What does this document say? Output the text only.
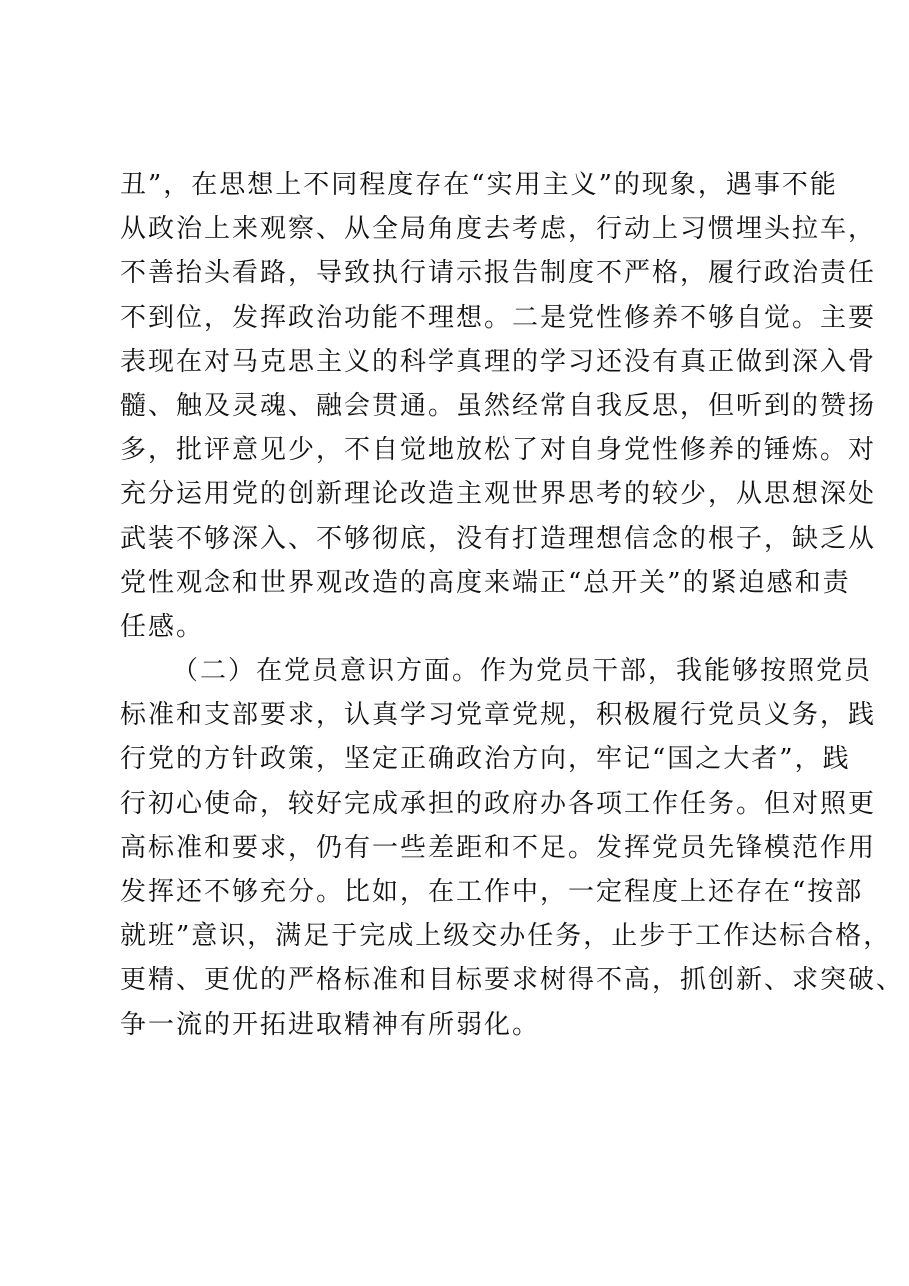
丑”，在思想上不同程度存在“实用主义”的现象，遇事不能
从政治上来观察、从全局角度去考虑，行动上习惯埋头拉车，
不善抬头看路，导致执行请示报告制度不严格，履行政治责任
不到位，发挥政治功能不理想。二是党性修养不够自觉。主要
表现在对马克思主义的科学真理的学习还没有真正做到深入骨
髓、触及灵魂、融会贯通。虽然经常自我反思，但听到的赞扬
多，批评意见少，不自觉地放松了对自身党性修养的锤炼。对
充分运用党的创新理论改造主观世界思考的较少，从思想深处
武装不够深入、不够彻底，没有打造理想信念的根子，缺乏从
党性观念和世界观改造的高度来端正“总开关”的紧迫感和责
任感。
（二）在党员意识方面。作为党员干部，我能够按照党员
标准和支部要求，认真学习党章党规，积极履行党员义务，践
行党的方针政策，坚定正确政治方向，牢记“国之大者”，践
行初心使命，较好完成承担的政府办各项工作任务。但对照更
高标准和要求，仍有一些差距和不足。发挥党员先锋模范作用
发挥还不够充分。比如，在工作中，一定程度上还存在“按部
就班”意识，满足于完成上级交办任务，止步于工作达标合格，
更精、更优的严格标准和目标要求树得不高，抓创新、求突破、
争一流的开拓进取精神有所弱化。
